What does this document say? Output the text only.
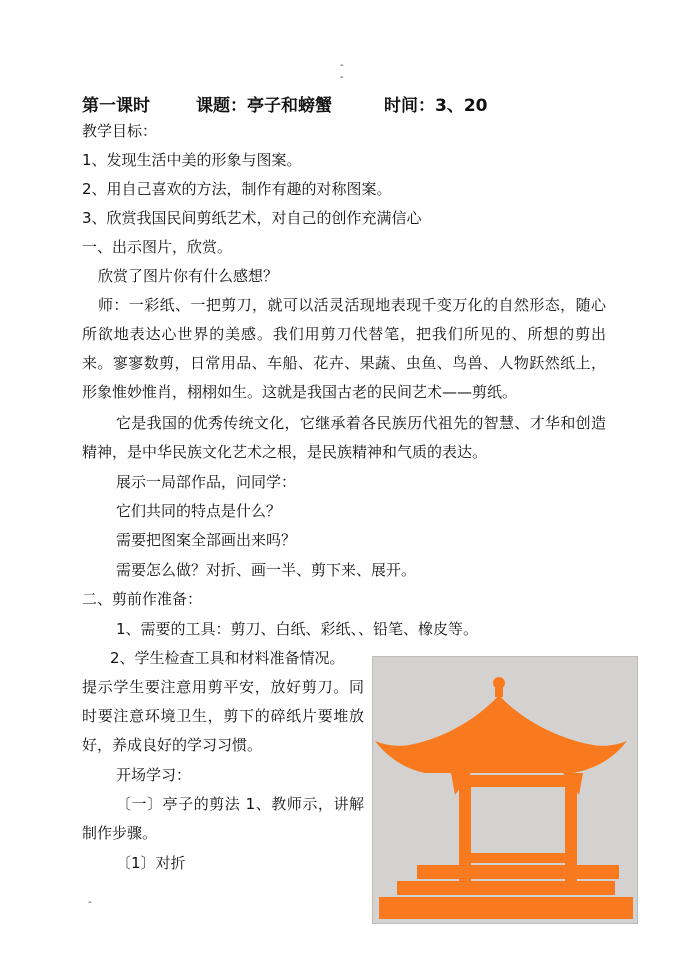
-
-
第一课时	课题：亭子和螃蟹	时间：3、20
教学目标：
1、发现生活中美的形象与图案。
2、用自己喜欢的方法，制作有趣的对称图案。
3、欣赏我国民间剪纸艺术，对自己的创作充满信心
一、出示图片，欣赏。
欣赏了图片你有什么感想？
师：一彩纸、一把剪刀，就可以活灵活现地表现千变万化的自然形态，随心所欲地表达心世界的美感。我们用剪刀代替笔，把我们所见的、所想的剪出来。寥寥数剪，日常用品、车船、花卉、果蔬、虫鱼、鸟兽、人物跃然纸上，形象惟妙惟肖，栩栩如生。这就是我国古老的民间艺术——剪纸。
它是我国的优秀传统文化，它继承着各民族历代祖先的智慧、才华和创造精神，是中华民族文化艺术之根，是民族精神和气质的表达。
展示一局部作品，问同学：
它们共同的特点是什么？
需要把图案全部画出来吗？
需要怎么做？对折、画一半、剪下来、展开。
二、剪前作准备：
1、需要的工具：剪刀、白纸、彩纸、、铅笔、橡皮等。
2、学生检查工具和材料准备情况。
提示学生要注意用剪平安，放好剪刀。同时要注意环境卫生，剪下的碎纸片要堆放好，养成良好的学习习惯。
开场学习：
〔一〕亭子的剪法 1、教师示，讲解制作步骤。
〔1〕对折
-
